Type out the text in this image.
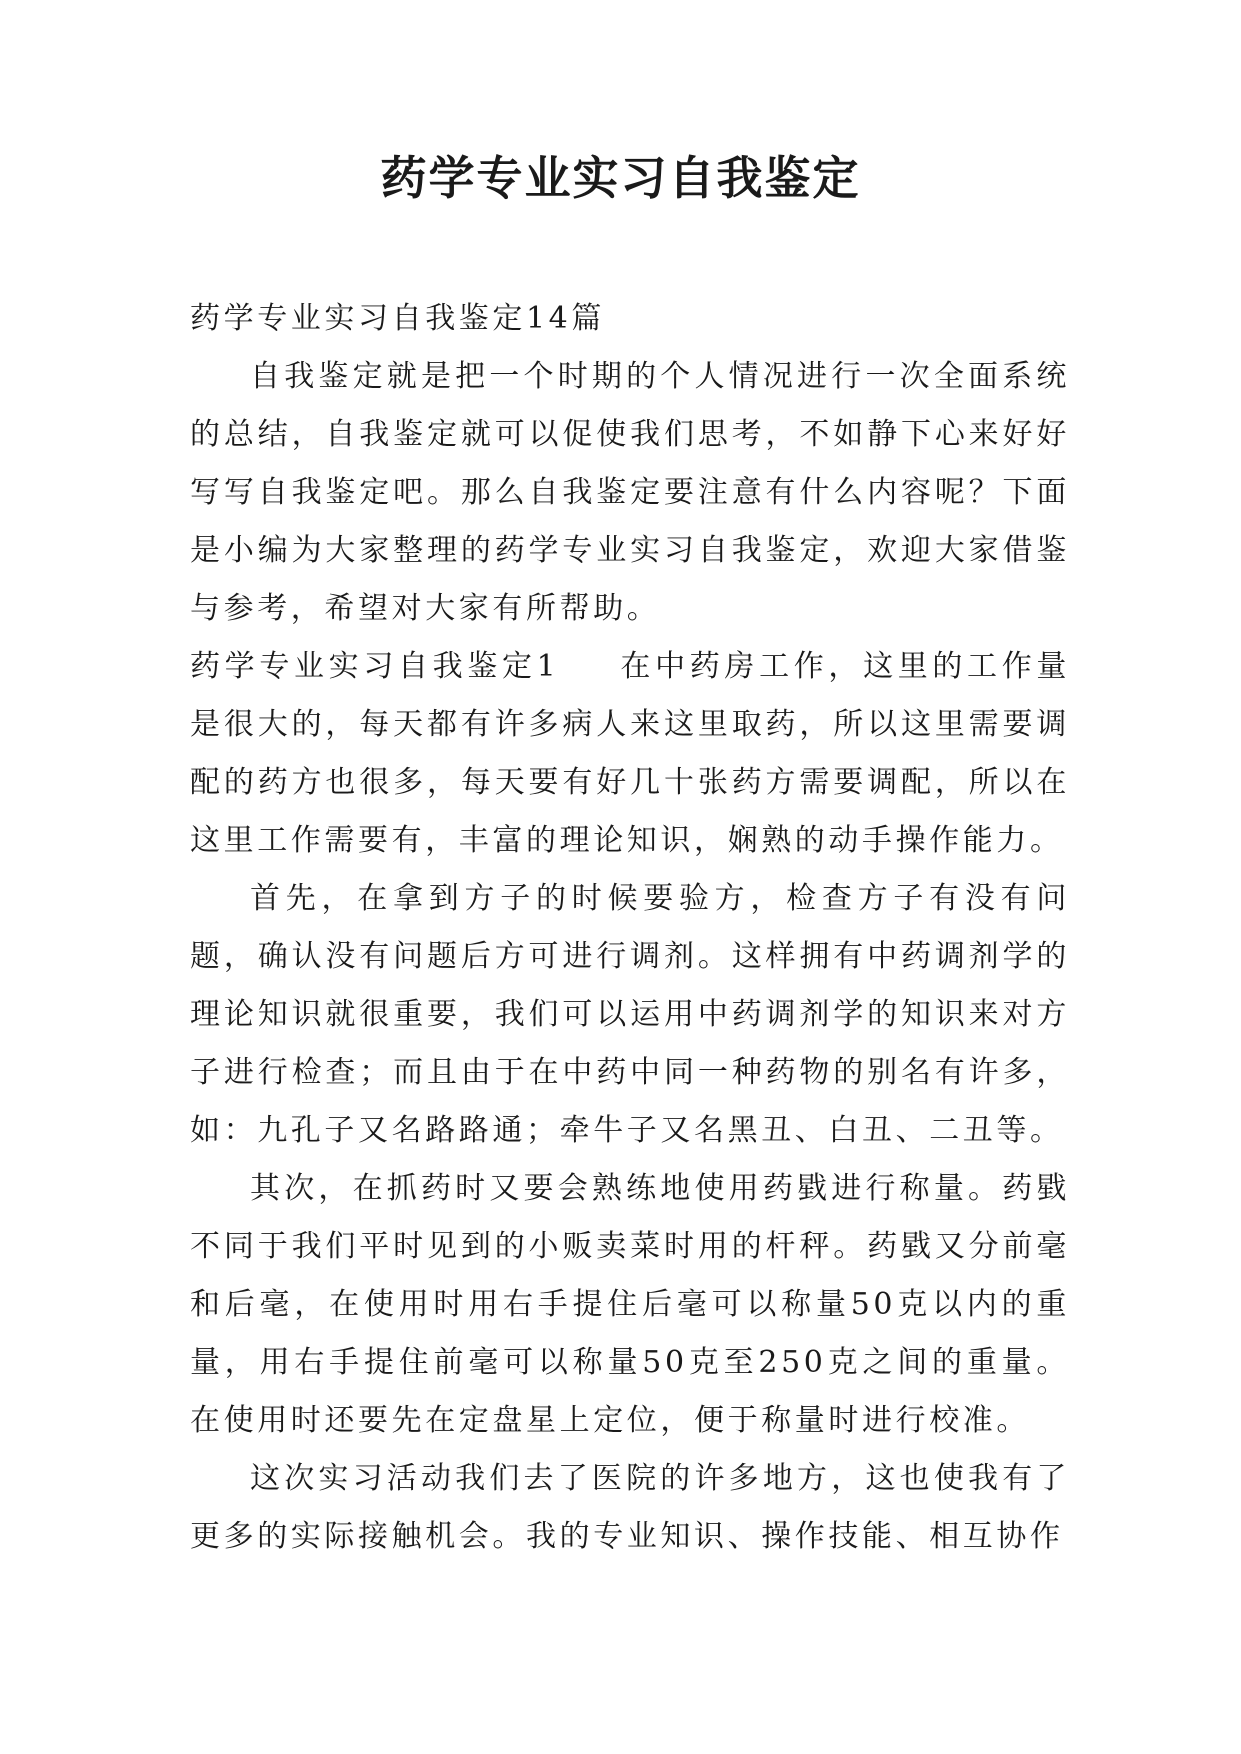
药学专业实习自我鉴定

药学专业实习自我鉴定14篇

自我鉴定就是把一个时期的个人情况进行一次全面系统的总结，自我鉴定就可以促使我们思考，不如静下心来好好写写自我鉴定吧。那么自我鉴定要注意有什么内容呢？下面是小编为大家整理的药学专业实习自我鉴定，欢迎大家借鉴与参考，希望对大家有所帮助。

药学专业实习自我鉴定1 在中药房工作，这里的工作量是很大的，每天都有许多病人来这里取药，所以这里需要调配的药方也很多，每天要有好几十张药方需要调配，所以在这里工作需要有，丰富的理论知识，娴熟的动手操作能力。

首先，在拿到方子的时候要验方，检查方子有没有问题，确认没有问题后方可进行调剂。这样拥有中药调剂学的理论知识就很重要，我们可以运用中药调剂学的知识来对方子进行检查；而且由于在中药中同一种药物的别名有许多，如：九孔子又名路路通；牵牛子又名黑丑、白丑、二丑等。

其次，在抓药时又要会熟练地使用药戥进行称量。药戥不同于我们平时见到的小贩卖菜时用的杆秤。药戥又分前毫和后毫，在使用时用右手提住后毫可以称量50克以内的重量，用右手提住前毫可以称量50克至250克之间的重量。在使用时还要先在定盘星上定位，便于称量时进行校准。

这次实习活动我们去了医院的许多地方，这也使我有了更多的实际接触机会。我的专业知识、操作技能、相互协作
